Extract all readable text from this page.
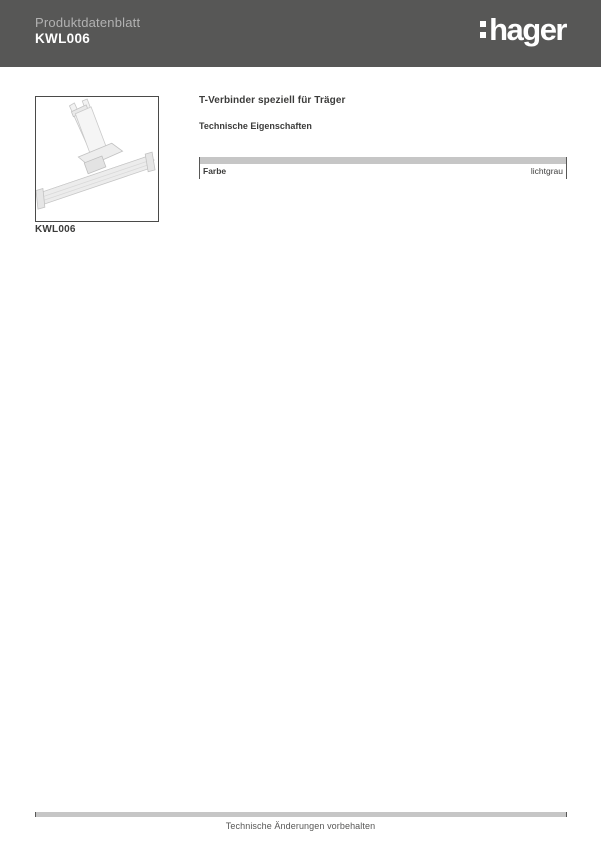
Produktdatenblatt
KWL006	hager
KWL006
T-Verbinder speziell für Träger
Technische Eigenschaften
Farbe	lichtgrau
Technische Änderungen vorbehalten
